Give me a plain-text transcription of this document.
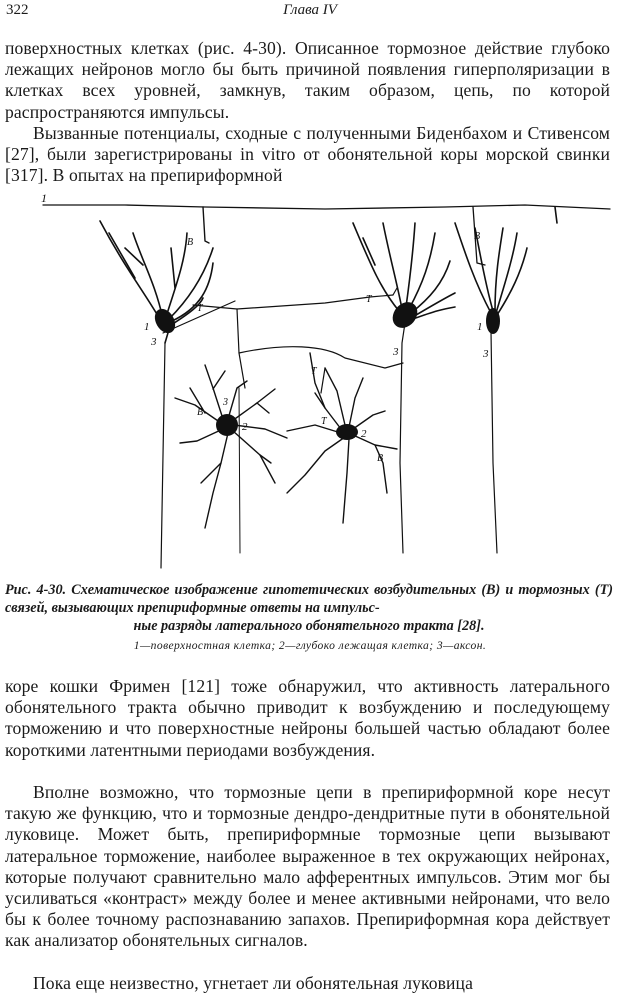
322	Глава IV

поверхностных клетках (рис. 4-30). Описанное тормозное действие глубоко лежащих нейронов могло бы быть причиной появления гиперполяризации в клетках всех уровней, замкнув, таким образом, цепь, по которой распространяются импульсы.

Вызванные потенциалы, сходные с полученными Биденбахом и Стивенсом [27], были зарегистрированы in vitro от обонятельной коры морской свинки [317]. В опытах на препириформной

1
1
3
B
T
T
3
1
3
B
2
3
B
2
T
T
B
Рис. 4-30. Схематическое изображение гипотетических возбудительных (B) и тормозных (T) связей, вызывающих препириформные ответы на импульс-
ные разряды латерального обонятельного тракта [28].
1—поверхностная клетка; 2—глубоко лежащая клетка; 3—аксон.

коре кошки Фримен [121] тоже обнаружил, что активность латерального обонятельного тракта обычно приводит к возбуждению и последующему торможению и что поверхностные нейроны большей частью обладают более короткими латентными периодами возбуждения.

Вполне возможно, что тормозные цепи в препириформной коре несут такую же функцию, что и тормозные дендро-дендритные пути в обонятельной луковице. Может быть, препириформные тормозные цепи вызывают латеральное торможение, наиболее выраженное в тех окружающих нейронах, которые получают сравнительно мало афферентных импульсов. Этим мог бы усиливаться «контраст» между более и менее активными нейронами, что вело бы к более точному распознаванию запахов. Препириформная кора действует как анализатор обонятельных сигналов.

Пока еще неизвестно, угнетает ли обонятельная луковица
